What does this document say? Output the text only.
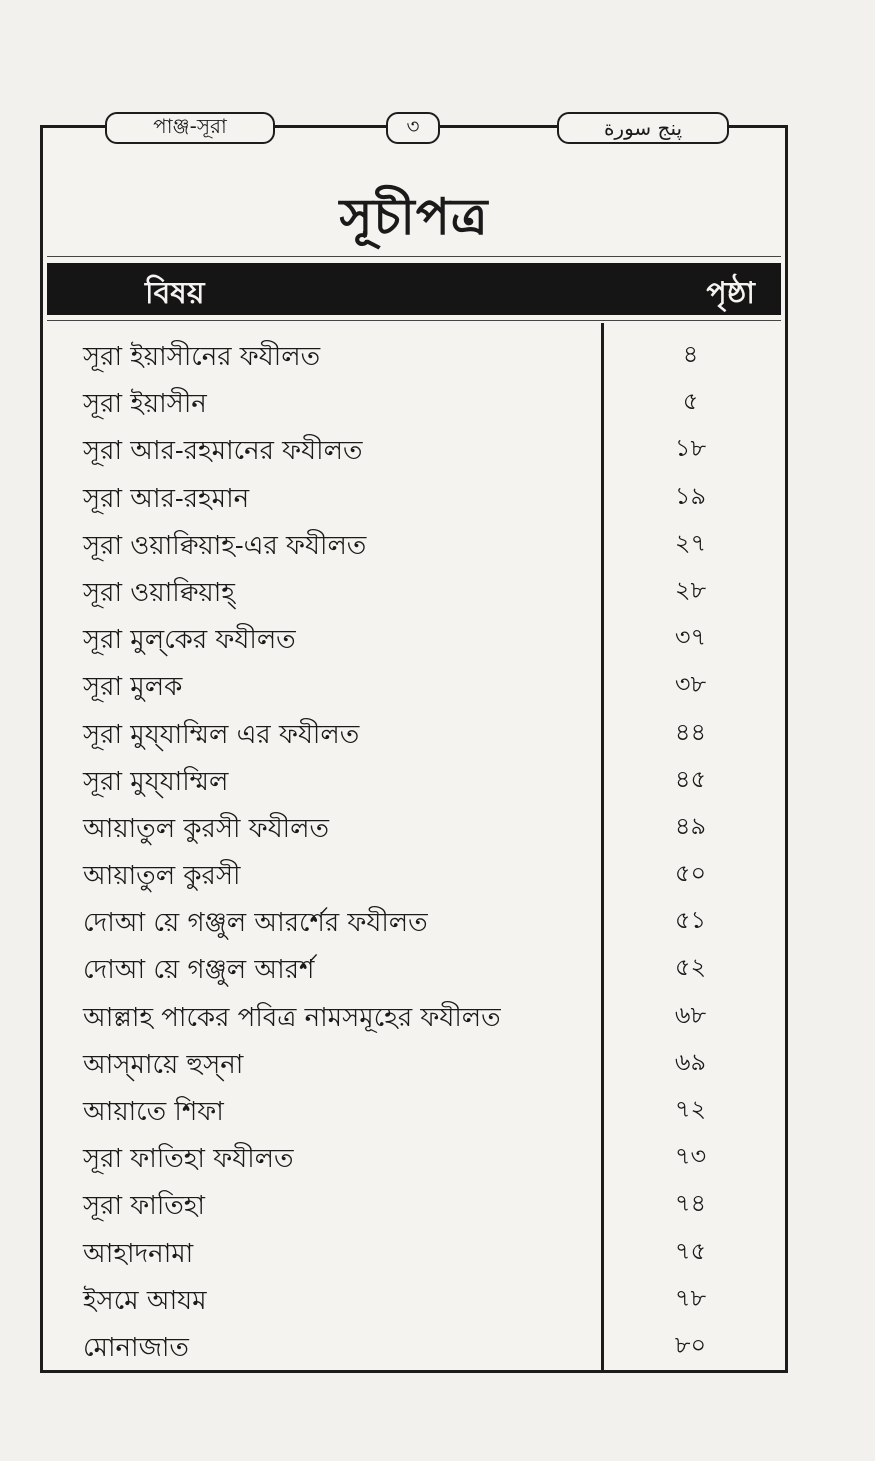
সূচীপত্র
বিষয়	পৃষ্ঠা
সূরা ইয়াসীনের ফযীলত	৪
সূরা ইয়াসীন	৫
সূরা আর-রহমানের ফযীলত	১৮
সূরা আর-রহমান	১৯
সূরা ওয়াক্বিয়াহ-এর ফযীলত	২৭
সূরা ওয়াক্বিয়াহ্	২৮
সূরা মুল্‌কের ফযীলত	৩৭
সূরা মুলক	৩৮
সূরা মুয্‌যাম্মিল এর ফযীলত	৪৪
সূরা মুয্‌যাম্মিল	৪৫
আয়াতুল কুরসী ফযীলত	৪৯
আয়াতুল কুরসী	৫০
দোআ য়ে গঞ্জুল আরর্শের ফযীলত	৫১
দোআ য়ে গঞ্জুল আরর্শ	৫২
আল্লাহ পাকের পবিত্র নামসমূহের ফযীলত	৬৮
আস্‌মায়ে হুস্‌না	৬৯
আয়াতে শিফা	৭২
সূরা ফাতিহা ফযীলত	৭৩
সূরা ফাতিহা	৭৪
আহাদনামা	৭৫
ইসমে আযম	৭৮
মোনাজাত	৮০
পাঞ্জ-সূরা	৩	پنج سورة
